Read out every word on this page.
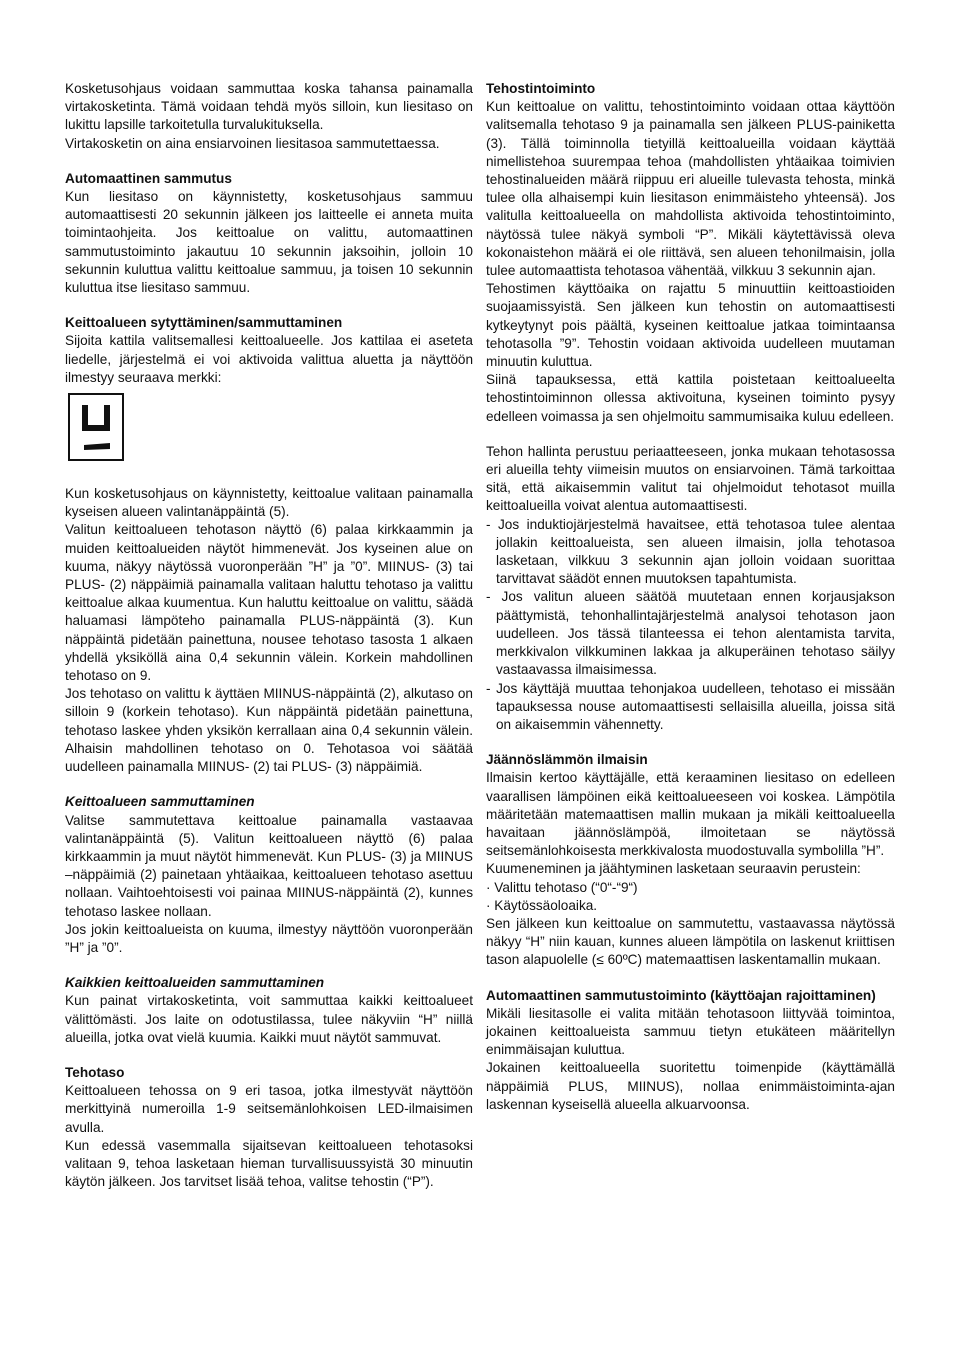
Kosketusohjaus voidaan sammuttaa koska tahansa painamalla virtakosketinta. Tämä voidaan tehdä myös silloin, kun liesitaso on lukittu lapsille tarkoitetulla turvalukituksella.

Virtakosketin on aina ensiarvoinen liesitasoa sammutettaessa.

Automaattinen sammutus

Kun liesitaso on käynnistetty, kosketusohjaus sammuu automaattisesti 20 sekunnin jälkeen jos laitteelle ei anneta muita toimintaohjeita. Jos keittoalue on valittu, automaattinen sammutustoiminto jakautuu 10 sekunnin jaksoihin, jolloin 10 sekunnin kuluttua valittu keittoalue sammuu, ja toisen 10 sekunnin kuluttua itse liesitaso sammuu.

Keittoalueen sytyttäminen/sammuttaminen

Sijoita kattila valitsemallesi keittoalueelle. Jos kattilaa ei aseteta liedelle, järjestelmä ei voi aktivoida valittua aluetta ja näyttöön ilmestyy seuraava merkki:

Kun kosketusohjaus on käynnistetty, keittoalue valitaan painamalla kyseisen alueen valintanäppäintä (5).

Valitun keittoalueen tehotason näyttö (6) palaa kirkkaammin ja muiden keittoalueiden näytöt himmenevät. Jos kyseinen alue on kuuma, näkyy näytössä vuoronperään ”H” ja ”0”. MIINUS- (3) tai PLUS- (2) näppäimiä painamalla valitaan haluttu tehotaso ja valittu keittoalue alkaa kuumentua. Kun haluttu keittoalue on valittu, säädä haluamasi lämpöteho painamalla PLUS-näppäintä (3). Kun näppäintä pidetään painettuna, nousee tehotaso tasosta 1 alkaen yhdellä yksiköllä aina 0,4 sekunnin välein. Korkein mahdollinen tehotaso on 9.

Jos tehotaso on valittu k äyttäen MIINUS-näppäintä (2), alkutaso on silloin 9 (korkein tehotaso). Kun näppäintä pidetään painettuna, tehotaso laskee yhden yksikön kerrallaan aina 0,4 sekunnin välein. Alhaisin mahdollinen tehotaso on 0. Tehotasoa voi säätää uudelleen painamalla MIINUS- (2) tai PLUS- (3) näppäimiä.

Keittoalueen sammuttaminen

Valitse sammutettava keittoalue painamalla vastaavaa valintanäppäintä (5). Valitun keittoalueen näyttö (6) palaa kirkkaammin ja muut näytöt himmenevät. Kun PLUS- (3) ja MIINUS –näppäimiä (2) painetaan yhtäaikaa, keittoalueen tehotaso asettuu nollaan. Vaihtoehtoisesti voi painaa MIINUS-näppäintä (2), kunnes tehotaso laskee nollaan.

Jos jokin keittoalueista on kuuma, ilmestyy näyttöön vuoronperään ”H” ja ”0”.

Kaikkien keittoalueiden sammuttaminen

Kun painat virtakosketinta, voit sammuttaa kaikki keittoalueet välittömästi. Jos laite on odotustilassa, tulee näkyviin “H” niillä alueilla, jotka ovat vielä kuumia. Kaikki muut näytöt sammuvat.

Tehotaso

Keittoalueen tehossa on 9 eri tasoa, jotka ilmestyvät näyttöön merkittyinä numeroilla 1-9 seitsemänlohkoisen LED-ilmaisimen avulla.

Kun edessä vasemmalla sijaitsevan keittoalueen tehotasoksi valitaan 9, tehoa lasketaan hieman turvallisuussyistä 30 minuutin käytön jälkeen. Jos tarvitset lisää tehoa, valitse tehostin (“P”).

Tehostintoiminto

Kun keittoalue on valittu, tehostintoiminto voidaan ottaa käyttöön valitsemalla tehotaso 9 ja painamalla sen jälkeen PLUS-painiketta (3). Tällä toiminnolla tietyillä keittoalueilla voidaan käyttää nimellistehoa suurempaa tehoa (mahdollisten yhtäaikaa toimivien tehostinalueiden määrä riippuu eri alueille tulevasta tehosta, minkä tulee olla alhaisempi kuin liesitason enimmäisteho yhteensä). Jos valitulla keittoalueella on mahdollista aktivoida tehostintoiminto, näytössä tulee näkyä symboli “P”. Mikäli käytettävissä oleva kokonaistehon määrä ei ole riittävä, sen alueen tehonilmaisin, jolla tulee automaattista tehotasoa vähentää, vilkkuu 3 sekunnin ajan.

Tehostimen käyttöaika on rajattu 5 minuuttiin keittoastioiden suojaamissyistä. Sen jälkeen kun tehostin on automaattisesti kytkeytynyt pois päältä, kyseinen keittoalue jatkaa toimintaansa tehotasolla ”9”. Tehostin voidaan aktivoida uudelleen muutaman minuutin kuluttua.

Siinä tapauksessa, että kattila poistetaan keittoalueelta tehostintoiminnon ollessa aktivoituna, kyseinen toiminto pysyy edelleen voimassa ja sen ohjelmoitu sammumisaika kuluu edelleen.

Tehon hallinta perustuu periaatteeseen, jonka mukaan tehotasossa eri alueilla tehty viimeisin muutos on ensiarvoinen. Tämä tarkoittaa sitä, että aikaisemmin valitut tai ohjelmoidut tehotasot muilla keittoalueilla voivat alentua automaattisesti.

- Jos induktiojärjestelmä havaitsee, että tehotasoa tulee alentaa jollakin keittoalueista, sen alueen ilmaisin, jolla tehotasoa lasketaan, vilkkuu 3 sekunnin ajan jolloin voidaan suorittaa tarvittavat säädöt ennen muutoksen tapahtumista.

- Jos valitun alueen säätöä muutetaan ennen korjausjakson päättymistä, tehonhallintajärjestelmä analysoi tehotason jaon uudelleen. Jos tässä tilanteessa ei tehon alentamista tarvita, merkkivalon vilkkuminen lakkaa ja alkuperäinen tehotaso säilyy vastaavassa ilmaisimessa.

- Jos käyttäjä muuttaa tehonjakoa uudelleen, tehotaso ei missään tapauksessa nouse automaattisesti sellaisilla alueilla, joissa sitä on aikaisemmin vähennetty.

Jäännöslämmön ilmaisin

Ilmaisin kertoo käyttäjälle, että keraaminen liesitaso on edelleen vaarallisen lämpöinen eikä keittoalueeseen voi koskea. Lämpötila määritetään matemaattisen mallin mukaan ja mikäli keittoalueella havaitaan jäännöslämpöä, ilmoitetaan se näytössä seitsemänlohkoisesta merkkivalosta muodostuvalla symbolilla ”H”.

Kuumeneminen ja jäähtyminen lasketaan seuraavin perustein:

· Valittu tehotaso (“0“-“9“)

· Käytössäoloaika.

Sen jälkeen kun keittoalue on sammutettu, vastaavassa näytössä näkyy “H” niin kauan, kunnes alueen lämpötila on laskenut kriittisen tason alapuolelle (≤ 60ºC) matemaattisen laskentamallin mukaan.

Automaattinen sammutustoiminto (käyttöajan rajoittaminen)

Mikäli liesitasolle ei valita mitään tehotasoon liittyvää toimintoa, jokainen keittoalueista sammuu tietyn etukäteen määritellyn enimmäisajan kuluttua.

Jokainen keittoalueella suoritettu toimenpide (käyttämällä näppäimiä PLUS, MIINUS), nollaa enimmäistoiminta-ajan laskennan kyseisellä alueella alkuarvoonsa.
